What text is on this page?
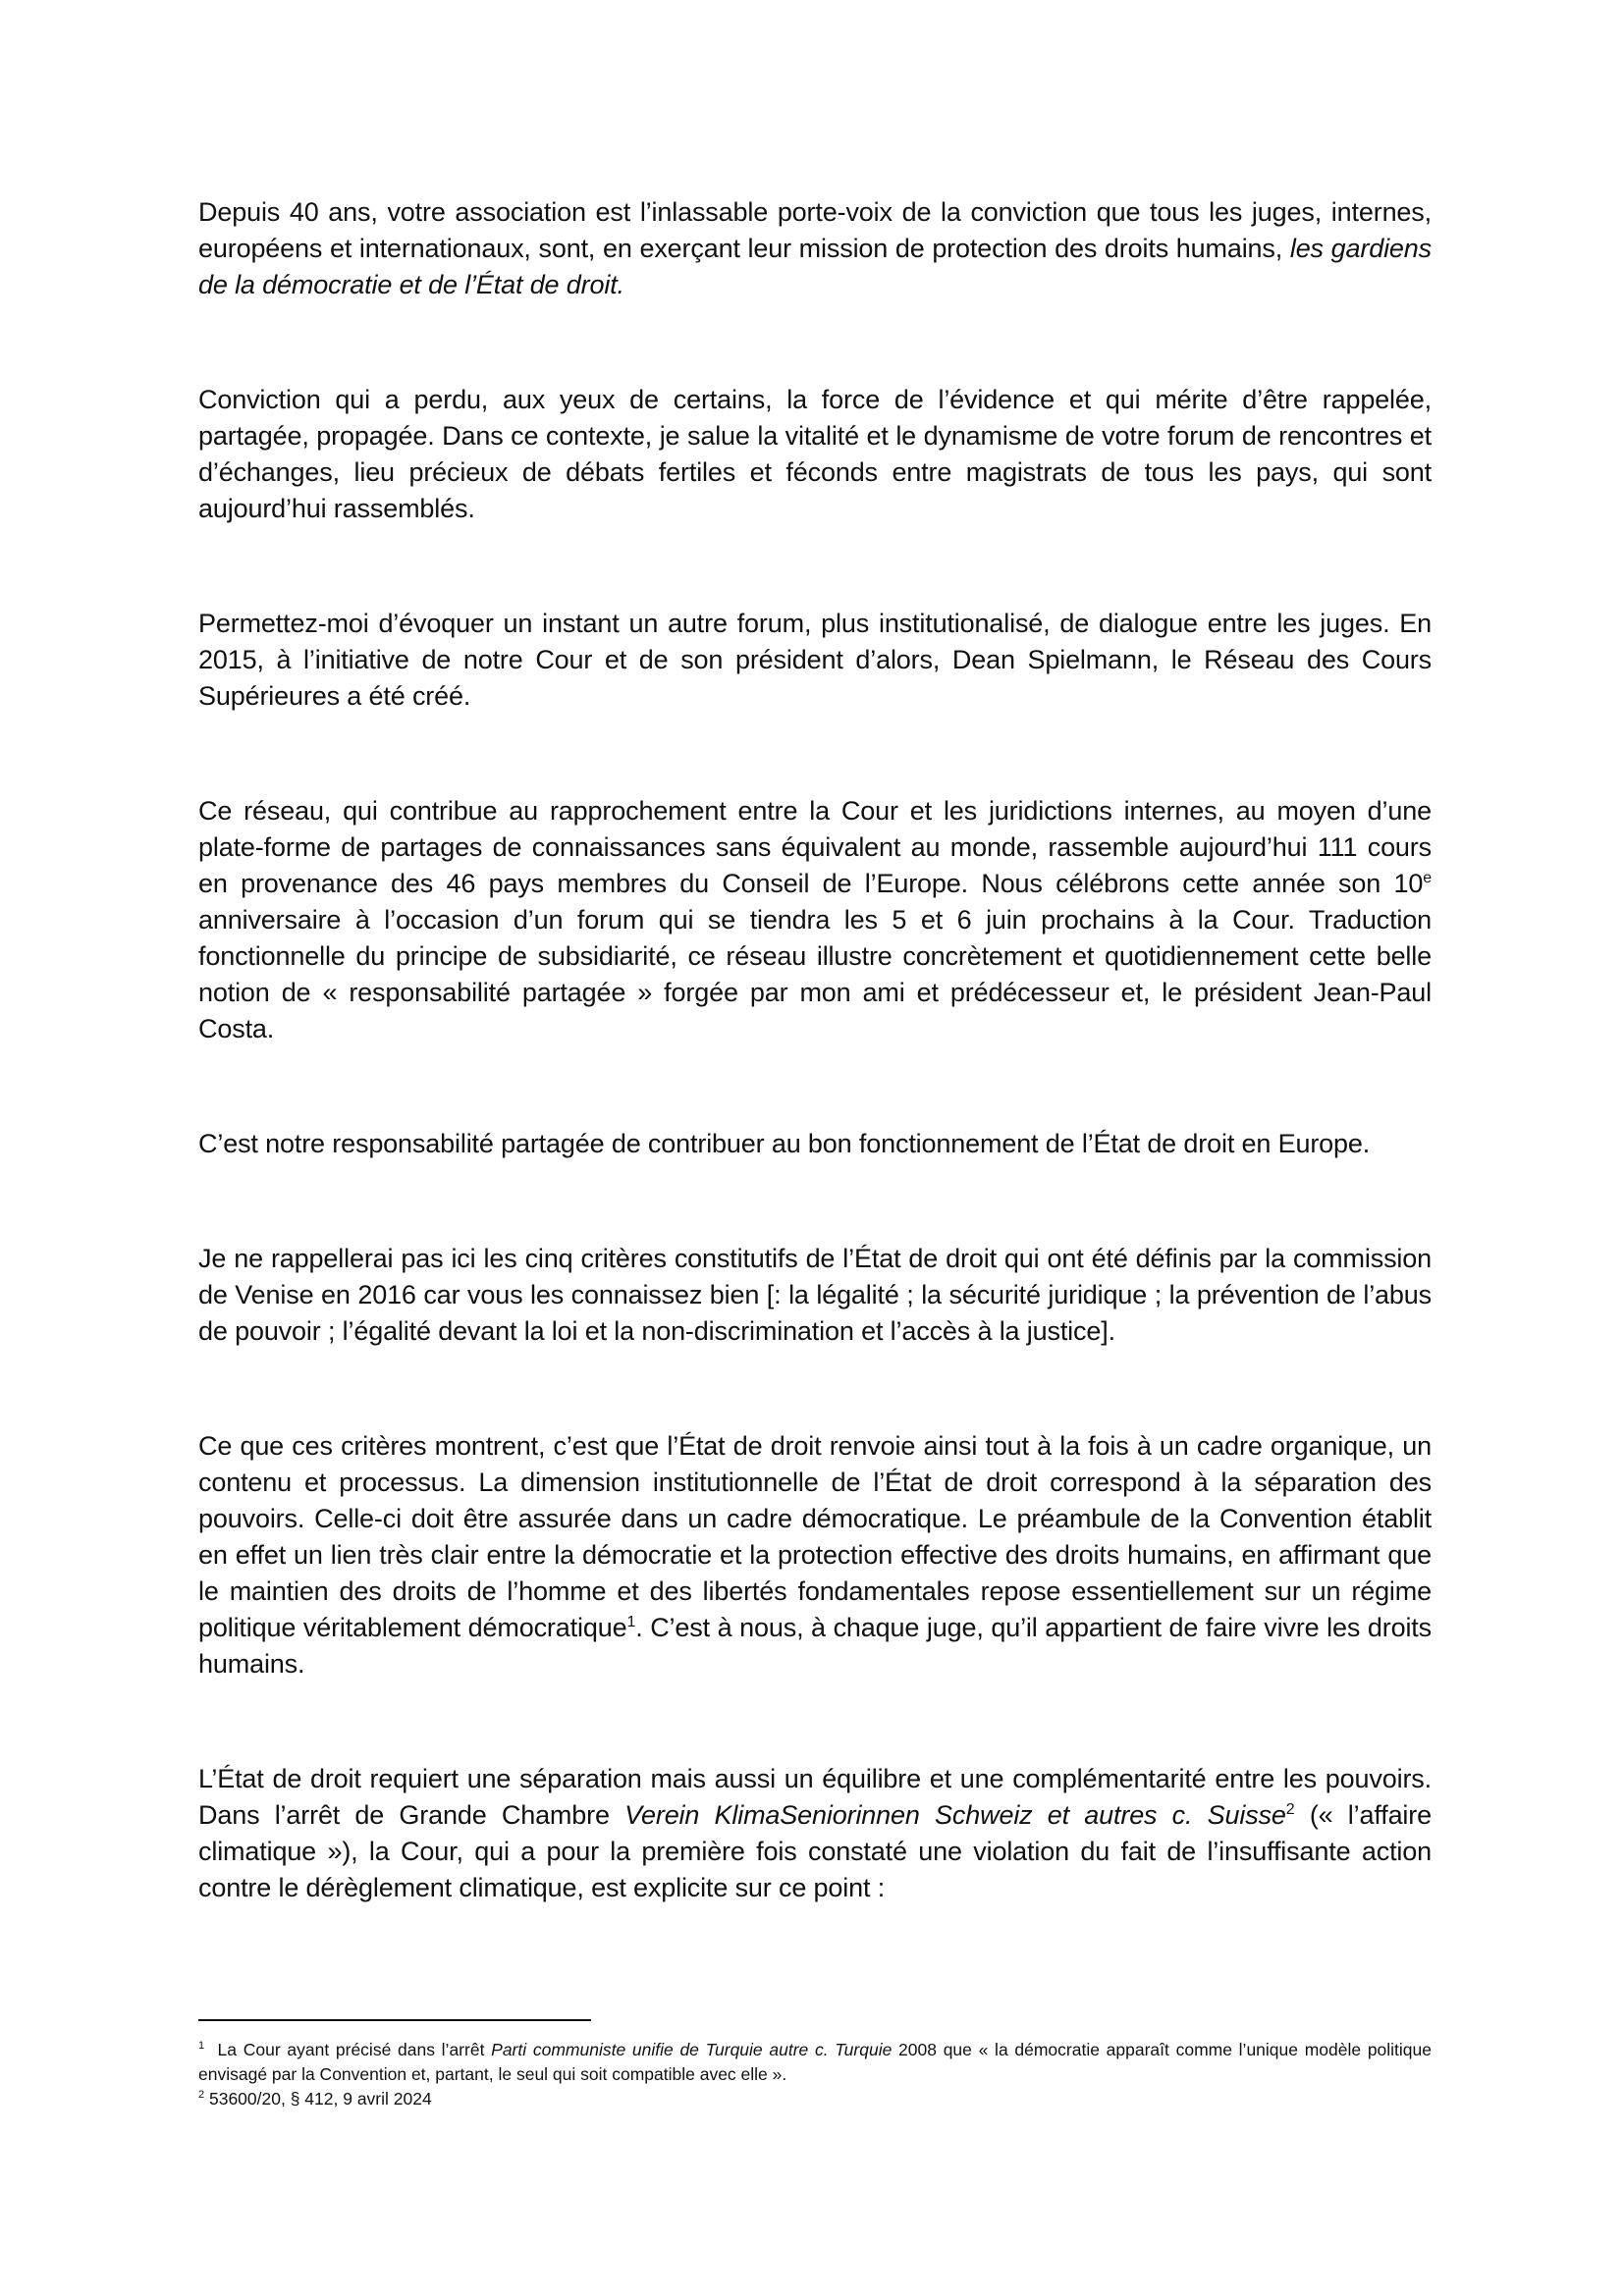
Depuis 40 ans, votre association est l’inlassable porte-voix de la conviction que tous les juges, internes, européens et internationaux, sont, en exerçant leur mission de protection des droits humains, les gardiens de la démocratie et de l’État de droit.

Conviction qui a perdu, aux yeux de certains, la force de l’évidence et qui mérite d’être rappelée, partagée, propagée. Dans ce contexte, je salue la vitalité et le dynamisme de votre forum de rencontres et d’échanges, lieu précieux de débats fertiles et féconds entre magistrats de tous les pays, qui sont aujourd’hui rassemblés.

Permettez-moi d’évoquer un instant un autre forum, plus institutionalisé, de dialogue entre les juges. En 2015, à l’initiative de notre Cour et de son président d’alors, Dean Spielmann, le Réseau des Cours Supérieures a été créé.

Ce réseau, qui contribue au rapprochement entre la Cour et les juridictions internes, au moyen d’une plate-forme de partages de connaissances sans équivalent au monde, rassemble aujourd’hui 111 cours en provenance des 46 pays membres du Conseil de l’Europe. Nous célébrons cette année son 10e anniversaire à l’occasion d’un forum qui se tiendra les 5 et 6 juin prochains à la Cour. Traduction fonctionnelle du principe de subsidiarité, ce réseau illustre concrètement et quotidiennement cette belle notion de « responsabilité partagée » forgée par mon ami et prédécesseur et, le président Jean-Paul Costa.

C’est notre responsabilité partagée de contribuer au bon fonctionnement de l’État de droit en Europe.

Je ne rappellerai pas ici les cinq critères constitutifs de l’État de droit qui ont été définis par la commission de Venise en 2016 car vous les connaissez bien [: la légalité ; la sécurité juridique ; la prévention de l’abus de pouvoir ; l’égalité devant la loi et la non-discrimination et l’accès à la justice].

Ce que ces critères montrent, c’est que l’État de droit renvoie ainsi tout à la fois à un cadre organique, un contenu et processus. La dimension institutionnelle de l’État de droit correspond à la séparation des pouvoirs. Celle-ci doit être assurée dans un cadre démocratique. Le préambule de la Convention établit en effet un lien très clair entre la démocratie et la protection effective des droits humains, en affirmant que le maintien des droits de l’homme et des libertés fondamentales repose essentiellement sur un régime politique véritablement démocratique$^1$. C’est à nous, à chaque juge, qu’il appartient de faire vivre les droits humains.

L’État de droit requiert une séparation mais aussi un équilibre et une complémentarité entre les pouvoirs. Dans l’arrêt de Grande Chambre Verein KlimaSeniorinnen Schweiz et autres c. Suisse$^2$ (« l’affaire climatique »), la Cour, qui a pour la première fois constaté une violation du fait de l’insuffisante action contre le dérèglement climatique, est explicite sur ce point :

$^1$  La Cour ayant précisé dans l’arrêt Parti communiste unifie de Turquie autre c. Turquie 2008 que « la démocratie apparaît comme l’unique modèle politique envisagé par la Convention et, partant, le seul qui soit compatible avec elle ».

$^2$ 53600/20, § 412, 9 avril 2024
